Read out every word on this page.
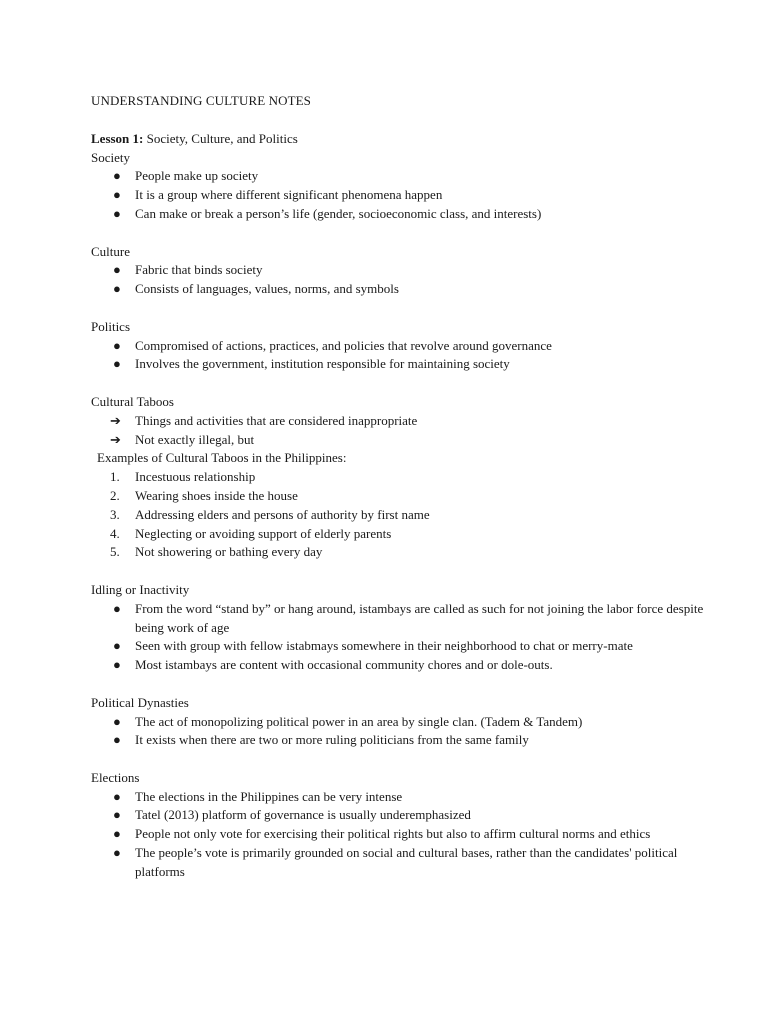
UNDERSTANDING CULTURE NOTES
Lesson 1: Society, Culture, and Politics
Society
●	People make up society
●	It is a group where different significant phenomena happen
●	Can make or break a person’s life (gender, socioeconomic class, and interests)
Culture
●	Fabric that binds society
●	Consists of languages, values, norms, and symbols
Politics
●	Compromised of actions, practices, and policies that revolve around governance
●	Involves the government, institution responsible for maintaining society
Cultural Taboos
➔	Things and activities that are considered inappropriate
➔	Not exactly illegal, but
Examples of Cultural Taboos in the Philippines:
1.	Incestuous relationship
2.	Wearing shoes inside the house
3.	Addressing elders and persons of authority by first name
4.	Neglecting or avoiding support of elderly parents
5.	Not showering or bathing every day
Idling or Inactivity
●	From the word “stand by” or hang around, istambays are called as such for not joining the labor force despite being work of age
●	Seen with group with fellow istabmays somewhere in their neighborhood to chat or merry-mate
●	Most istambays are content with occasional community chores and or dole-outs.
Political Dynasties
●	The act of monopolizing political power in an area by single clan. (Tadem & Tandem)
●	It exists when there are two or more ruling politicians from the same family
Elections
●	The elections in the Philippines can be very intense
●	Tatel (2013) platform of governance is usually underemphasized
●	People not only vote for exercising their political rights but also to affirm cultural norms and ethics
●	The people’s vote is primarily grounded on social and cultural bases, rather than the candidates' political platforms
